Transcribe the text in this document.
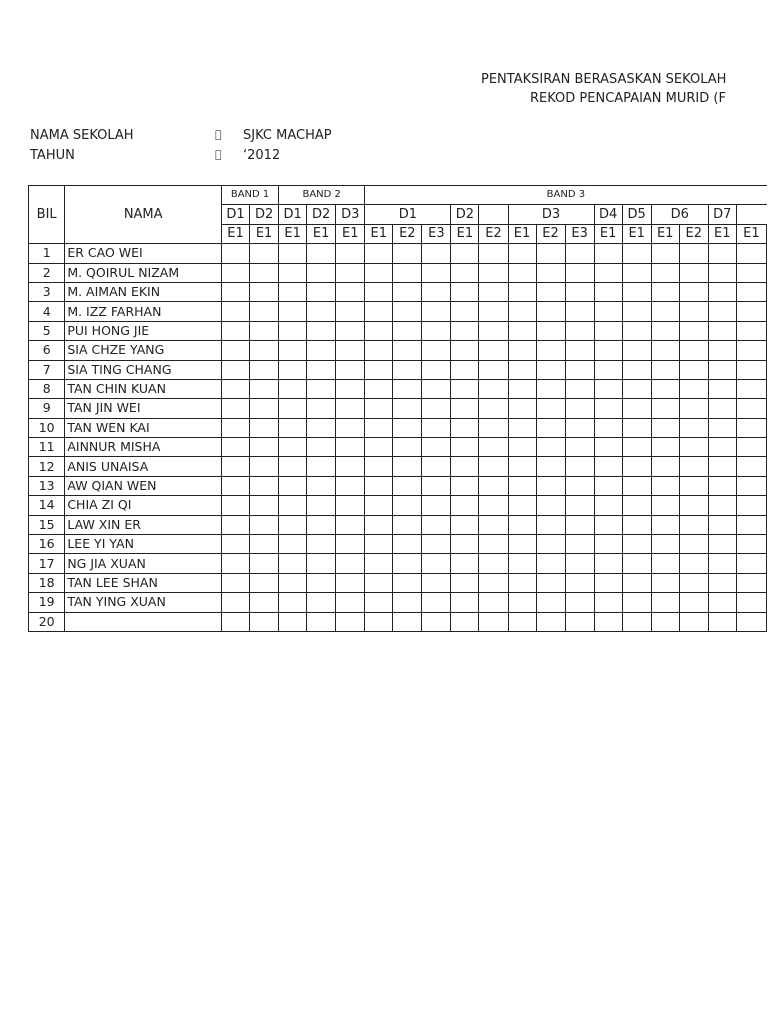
PENTAKSIRAN BERASASKAN SEKOLAH
REKOD PENCAPAIAN MURID (F
NAMA SEKOLAH	SJKC MACHAP
TAHUN	‘2012
BIL	NAMA	BAND 1		BAND 2			BAND 3													
		D1	D2	D1	D2	D3	D1			D2		D3			D4	D5	D6		D7	
		E1	E1	E1	E1	E1	E1	E2	E3	E1	E2	E1	E2	E3	E1	E1	E1	E2	E1	E1
1	ER CAO WEI																			
2	M. QOIRUL NIZAM																			
3	M. AIMAN EKIN																			
4	M. IZZ FARHAN																			
5	PUI HONG JIE																			
6	SIA CHZE YANG																			
7	SIA TING CHANG																			
8	TAN CHIN KUAN																			
9	TAN JIN WEI																			
10	TAN WEN KAI																			
11	AINNUR MISHA																			
12	ANIS UNAISA																			
13	AW QIAN WEN																			
14	CHIA ZI QI																			
15	LAW XIN ER																			
16	LEE YI YAN																			
17	NG JIA XUAN																			
18	TAN LEE SHAN																			
19	TAN YING XUAN																			
20																				
